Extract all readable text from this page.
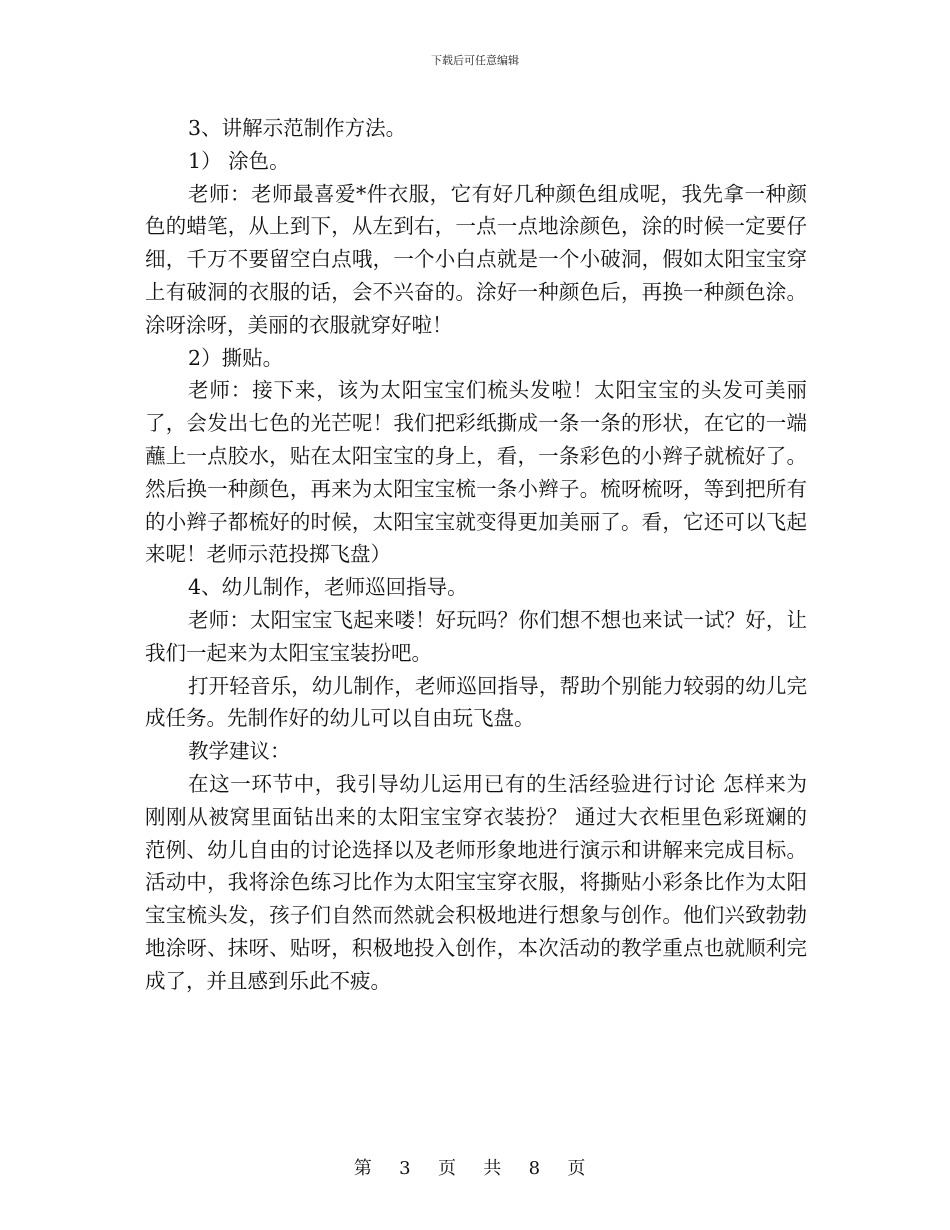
下载后可任意编辑

3、讲解示范制作方法。

1） 涂色。

老师：老师最喜爱*件衣服，它有好几种颜色组成呢，我先拿一种颜色的蜡笔，从上到下，从左到右，一点一点地涂颜色，涂的时候一定要仔细，千万不要留空白点哦，一个小白点就是一个小破洞，假如太阳宝宝穿上有破洞的衣服的话，会不兴奋的。涂好一种颜色后，再换一种颜色涂。涂呀涂呀，美丽的衣服就穿好啦！

2）撕贴。

老师：接下来，该为太阳宝宝们梳头发啦！太阳宝宝的头发可美丽了，会发出七色的光芒呢！我们把彩纸撕成一条一条的形状，在它的一端蘸上一点胶水，贴在太阳宝宝的身上，看，一条彩色的小辫子就梳好了。然后换一种颜色，再来为太阳宝宝梳一条小辫子。梳呀梳呀，等到把所有的小辫子都梳好的时候，太阳宝宝就变得更加美丽了。看，它还可以飞起来呢！老师示范投掷飞盘）

4、幼儿制作，老师巡回指导。

老师：太阳宝宝飞起来喽！好玩吗？你们想不想也来试一试？好，让我们一起来为太阳宝宝装扮吧。

打开轻音乐，幼儿制作，老师巡回指导，帮助个别能力较弱的幼儿完成任务。先制作好的幼儿可以自由玩飞盘。

教学建议：

在这一环节中，我引导幼儿运用已有的生活经验进行讨论 怎样来为刚刚从被窝里面钻出来的太阳宝宝穿衣装扮？ 通过大衣柜里色彩斑斓的范例、幼儿自由的讨论选择以及老师形象地进行演示和讲解来完成目标。活动中，我将涂色练习比作为太阳宝宝穿衣服，将撕贴小彩条比作为太阳宝宝梳头发，孩子们自然而然就会积极地进行想象与创作。他们兴致勃勃地涂呀、抹呀、贴呀，积极地投入创作，本次活动的教学重点也就顺利完成了，并且感到乐此不疲。

第 3 页 共 8 页
